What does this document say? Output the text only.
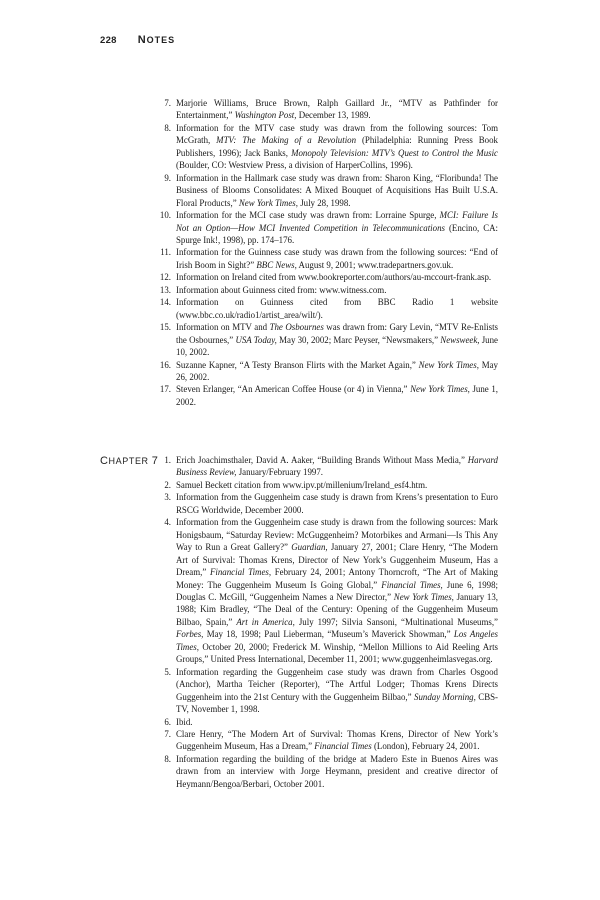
228 NOTES
7. Marjorie Williams, Bruce Brown, Ralph Gaillard Jr., “MTV as Pathfinder for Entertainment,” Washington Post, December 13, 1989.
8. Information for the MTV case study was drawn from the following sources: Tom McGrath, MTV: The Making of a Revolution (Philadelphia: Running Press Book Publishers, 1996); Jack Banks, Monopoly Television: MTV’s Quest to Control the Music (Boulder, CO: Westview Press, a division of HarperCollins, 1996).
9. Information in the Hallmark case study was drawn from: Sharon King, “Floribunda! The Business of Blooms Consolidates: A Mixed Bouquet of Acquisitions Has Built U.S.A. Floral Products,” New York Times, July 28, 1998.
10. Information for the MCI case study was drawn from: Lorraine Spurge, MCI: Failure Is Not an Option—How MCI Invented Competition in Telecommunications (Encino, CA: Spurge Ink!, 1998), pp. 174–176.
11. Information for the Guinness case study was drawn from the following sources: “End of Irish Boom in Sight?” BBC News, August 9, 2001; www.tradepartners.gov.uk.
12. Information on Ireland cited from www.bookreporter.com/authors/au-mccourt-frank.asp.
13. Information about Guinness cited from: www.witness.com.
14. Information on Guinness cited from BBC Radio 1 website (www.bbc.co.uk/radio1/artist_area/wilt/).
15. Information on MTV and The Osbournes was drawn from: Gary Levin, “MTV Re-Enlists the Osbournes,” USA Today, May 30, 2002; Marc Peyser, “Newsmakers,” Newsweek, June 10, 2002.
16. Suzanne Kapner, “A Testy Branson Flirts with the Market Again,” New York Times, May 26, 2002.
17. Steven Erlanger, “An American Coffee House (or 4) in Vienna,” New York Times, June 1, 2002.
CHAPTER 7 1. Erich Joachimsthaler, David A. Aaker, “Building Brands Without Mass Media,” Harvard Business Review, January/February 1997.
2. Samuel Beckett citation from www.ipv.pt/millenium/Ireland_esf4.htm.
3. Information from the Guggenheim case study is drawn from Krens’s presentation to Euro RSCG Worldwide, December 2000.
4. Information from the Guggenheim case study is drawn from the following sources: Mark Honigsbaum, “Saturday Review: McGuggenheim? Motorbikes and Armani—Is This Any Way to Run a Great Gallery?” Guardian, January 27, 2001; Clare Henry, “The Modern Art of Survival: Thomas Krens, Director of New York’s Guggenheim Museum, Has a Dream,” Financial Times, February 24, 2001; Antony Thorncroft, “The Art of Making Money: The Guggenheim Museum Is Going Global,” Financial Times, June 6, 1998; Douglas C. McGill, “Guggenheim Names a New Director,” New York Times, January 13, 1988; Kim Bradley, “The Deal of the Century: Opening of the Guggenheim Museum Bilbao, Spain,” Art in America, July 1997; Silvia Sansoni, “Multinational Museums,” Forbes, May 18, 1998; Paul Lieberman, “Museum’s Maverick Showman,” Los Angeles Times, October 20, 2000; Frederick M. Winship, “Mellon Millions to Aid Reeling Arts Groups,” United Press International, December 11, 2001; www.guggenheimlasvegas.org.
5. Information regarding the Guggenheim case study was drawn from Charles Osgood (Anchor), Martha Teicher (Reporter), “The Artful Lodger; Thomas Krens Directs Guggenheim into the 21st Century with the Guggenheim Bilbao,” Sunday Morning, CBS-TV, November 1, 1998.
6. Ibid.
7. Clare Henry, “The Modern Art of Survival: Thomas Krens, Director of New York’s Guggenheim Museum, Has a Dream,” Financial Times (London), February 24, 2001.
8. Information regarding the building of the bridge at Madero Este in Buenos Aires was drawn from an interview with Jorge Heymann, president and creative director of Heymann/Bengoa/Berbari, October 2001.
